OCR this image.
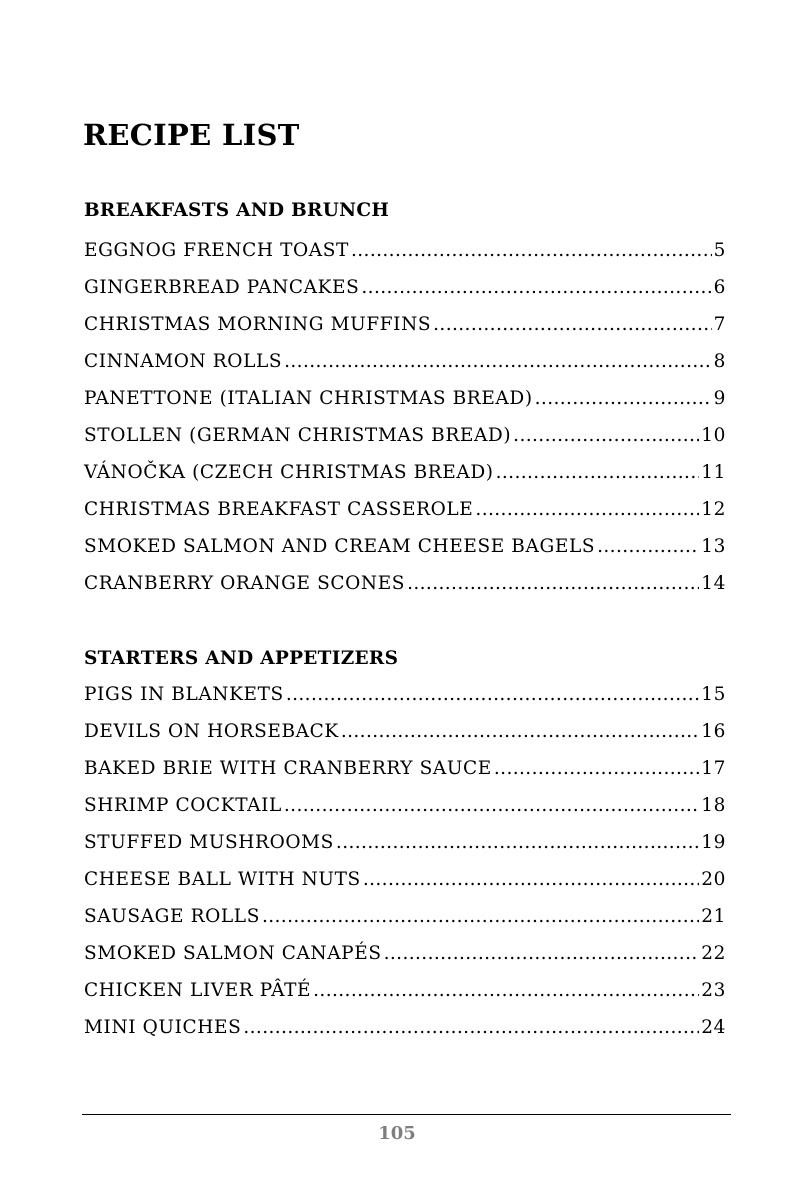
RECIPE LIST
BREAKFASTS AND BRUNCH
EGGNOG FRENCH TOAST .....	5
GINGERBREAD PANCAKES .....	6
CHRISTMAS MORNING MUFFINS .....	7
CINNAMON ROLLS .....	8
PANETTONE (ITALIAN CHRISTMAS BREAD) .....	9
STOLLEN (GERMAN CHRISTMAS BREAD) .....	10
VÁNOČKA (CZECH CHRISTMAS BREAD) .....	11
CHRISTMAS BREAKFAST CASSEROLE .....	12
SMOKED SALMON AND CREAM CHEESE BAGELS .....	13
CRANBERRY ORANGE SCONES .....	14
STARTERS AND APPETIZERS
PIGS IN BLANKETS .....	15
DEVILS ON HORSEBACK .....	16
BAKED BRIE WITH CRANBERRY SAUCE .....	17
SHRIMP COCKTAIL .....	18
STUFFED MUSHROOMS .....	19
CHEESE BALL WITH NUTS .....	20
SAUSAGE ROLLS .....	21
SMOKED SALMON CANAPÉS .....	22
CHICKEN LIVER PÂTÉ .....	23
MINI QUICHES .....	24
105
